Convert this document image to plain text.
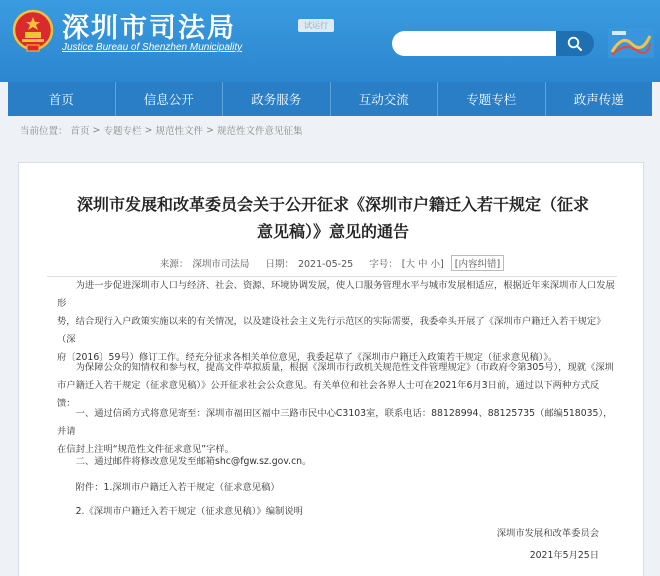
深圳市司法局
Justice Bureau of Shenzhen Municipality
试运行
首页	信息公开	政务服务	互动交流	专题专栏	政声传递
当前位置： 首页 > 专题专栏 > 规范性文件 > 规范性文件意见征集
深圳市发展和改革委员会关于公开征求《深圳市户籍迁入若干规定（征求
意见稿）》意见的通告
来源： 深圳市司法局 日期： 2021-05-25 字号： [大 中 小] [内容纠错]
为进一步促进深圳市人口与经济、社会、资源、环境协调发展，使人口服务管理水平与城市发展相适应，根据近年来深圳市人口发展形
势，结合现行入户政策实施以来的有关情况，以及建设社会主义先行示范区的实际需要，我委牵头开展了《深圳市户籍迁入若干规定》（深
府〔2016〕59号）修订工作。经充分征求各相关单位意见，我委起草了《深圳市户籍迁入政策若干规定（征求意见稿）》。
为保障公众的知情权和参与权，提高文件草拟质量，根据《深圳市行政机关规范性文件管理规定》（市政府令第305号），现就《深圳
市户籍迁入若干规定（征求意见稿）》公开征求社会公众意见。有关单位和社会各界人士可在2021年6月3日前，通过以下两种方式反馈：
一、通过信函方式将意见寄至：深圳市福田区福中三路市民中心C3103室，联系电话：88128994、88125735（邮编518035），并请
在信封上注明“规范性文件征求意见”字样。
二、通过邮件将修改意见发至邮箱shc@fgw.sz.gov.cn。
附件：1.深圳市户籍迁入若干规定（征求意见稿）
2.《深圳市户籍迁入若干规定（征求意见稿）》编制说明
深圳市发展和改革委员会
2021年5月25日
